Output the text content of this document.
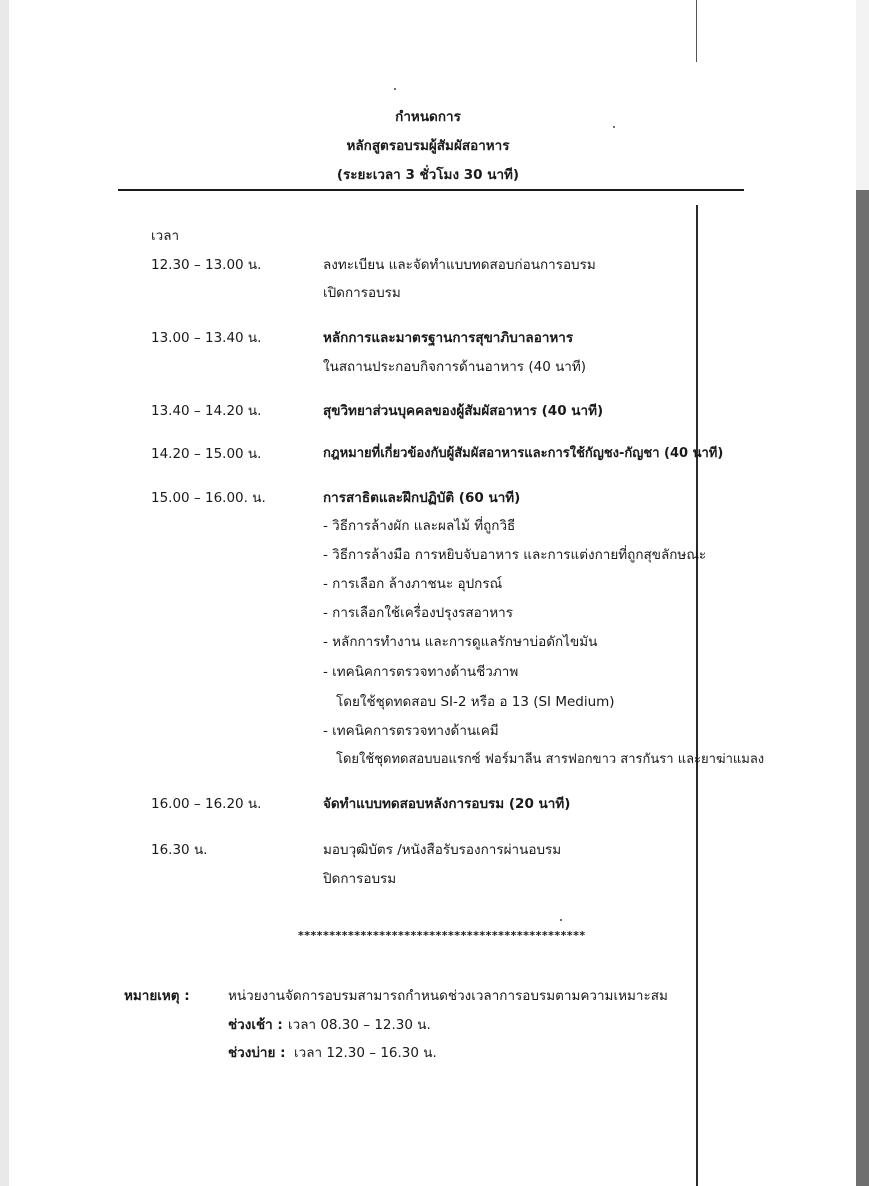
กำหนดการ
หลักสูตรอบรมผู้สัมผัสอาหาร
(ระยะเวลา 3 ชั่วโมง 30 นาที)
เวลา
12.30 – 13.00 น.	ลงทะเบียน และจัดทำแบบทดสอบก่อนการอบรม
เปิดการอบรม
13.00 – 13.40 น.	หลักการและมาตรฐานการสุขาภิบาลอาหาร
ในสถานประกอบกิจการด้านอาหาร (40 นาที)
13.40 – 14.20 น.	สุขวิทยาส่วนบุคคลของผู้สัมผัสอาหาร (40 นาที)
14.20 – 15.00 น.	กฎหมายที่เกี่ยวข้องกับผู้สัมผัสอาหารและการใช้กัญชง-กัญชา (40 นาที)
15.00 – 16.00. น.	การสาธิตและฝึกปฏิบัติ (60 นาที)
- วิธีการล้างผัก และผลไม้ ที่ถูกวิธี
- วิธีการล้างมือ การหยิบจับอาหาร และการแต่งกายที่ถูกสุขลักษณะ
- การเลือก ล้างภาชนะ อุปกรณ์
- การเลือกใช้เครื่องปรุงรสอาหาร
- หลักการทำงาน และการดูแลรักษาบ่อดักไขมัน
- เทคนิคการตรวจทางด้านชีวภาพ
โดยใช้ชุดทดสอบ SI-2 หรือ อ 13 (SI Medium)
- เทคนิคการตรวจทางด้านเคมี
โดยใช้ชุดทดสอบบอแรกซ์ ฟอร์มาลีน สารฟอกขาว สารกันรา และยาฆ่าแมลง
16.00 – 16.20 น.	จัดทำแบบทดสอบหลังการอบรม (20 นาที)
16.30 น.	มอบวุฒิบัตร /หนังสือรับรองการผ่านอบรม
ปิดการอบรม
**********************************************
หมายเหตุ :	หน่วยงานจัดการอบรมสามารถกำหนดช่วงเวลาการอบรมตามความเหมาะสม
ช่วงเช้า : เวลา 08.30 – 12.30 น.
ช่วงบ่าย : เวลา 12.30 – 16.30 น.
